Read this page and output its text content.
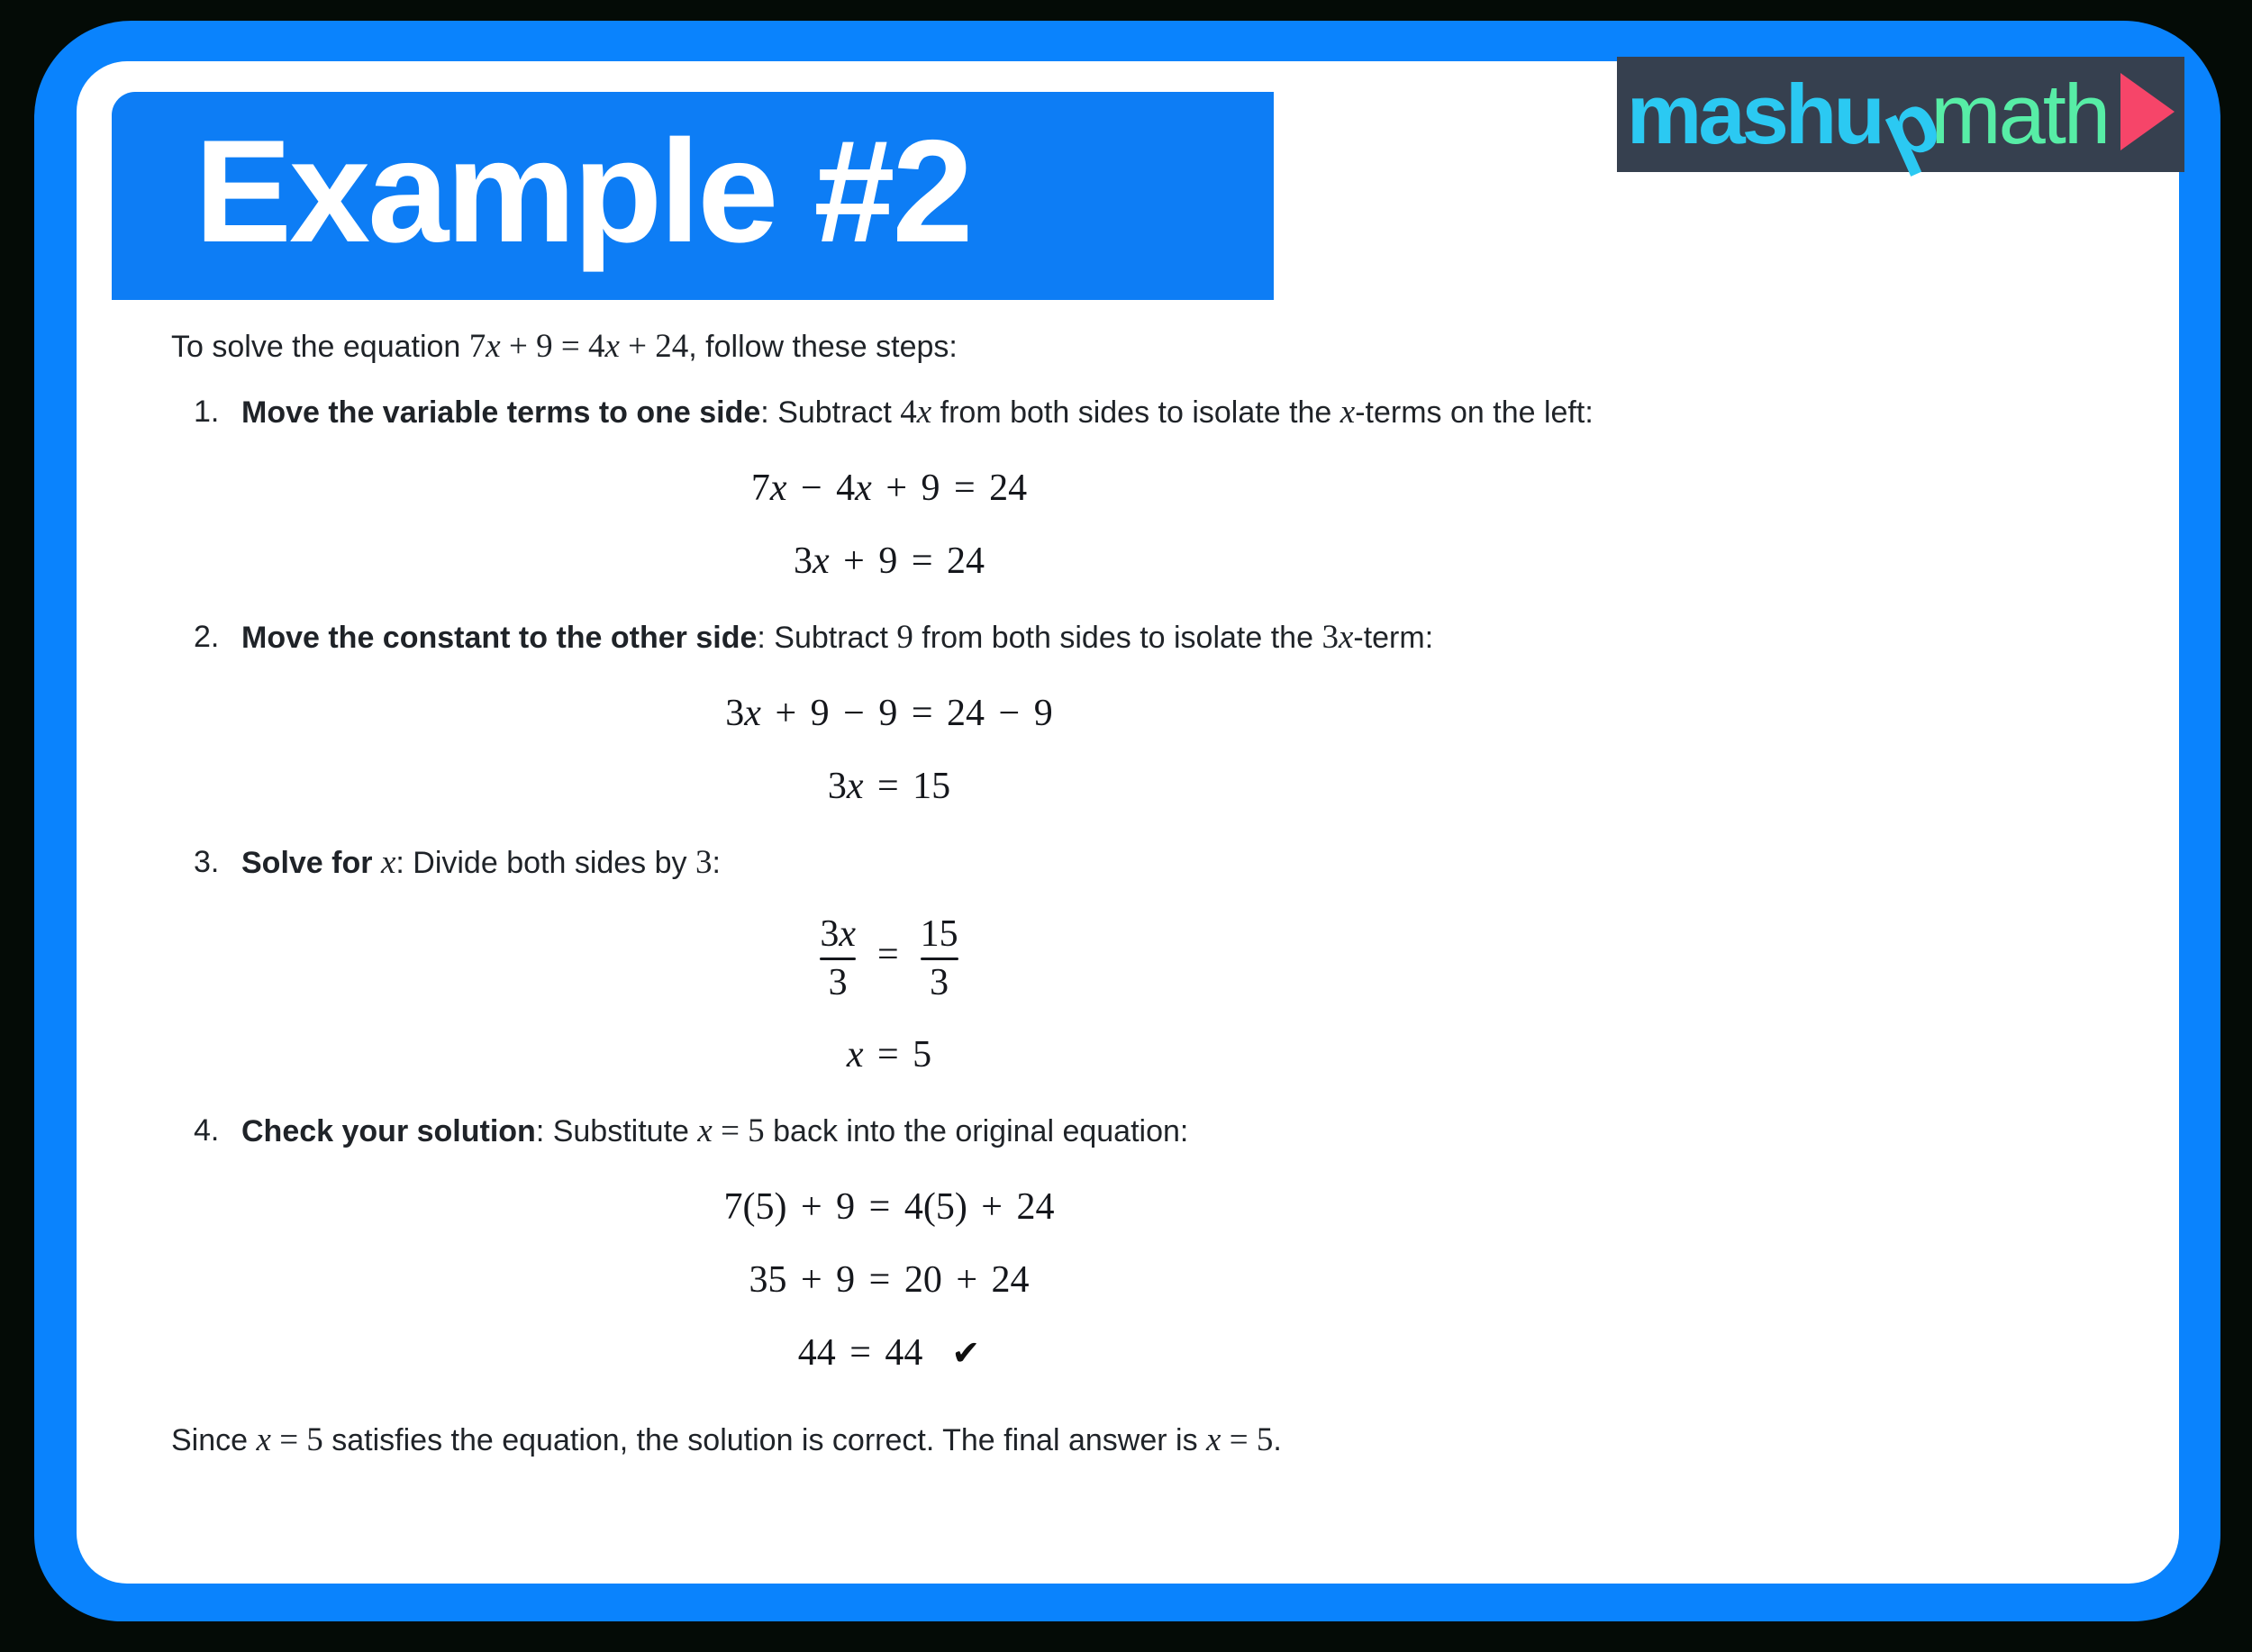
To solve the equation 7x + 9 = 4x + 24, follow these steps:

1. Move the variable terms to one side: Subtract 4x from both sides to isolate the x-terms on the left:
7x − 4x + 9 = 24
3x + 9 = 24
2. Move the constant to the other side: Subtract 9 from both sides to isolate the 3x-term:
3x + 9 − 9 = 24 − 9
3x = 15
3. Solve for x: Divide both sides by 3:
$\frac{3x}{3} = \frac{15}{3}$
x = 5
4. Check your solution: Substitute x = 5 back into the original equation:
7(5) + 9 = 4(5) + 24
35 + 9 = 20 + 24
44 = 44 ✔

Since x = 5 satisfies the equation, the solution is correct. The final answer is x = 5.

Example #2	mashu
p
math
